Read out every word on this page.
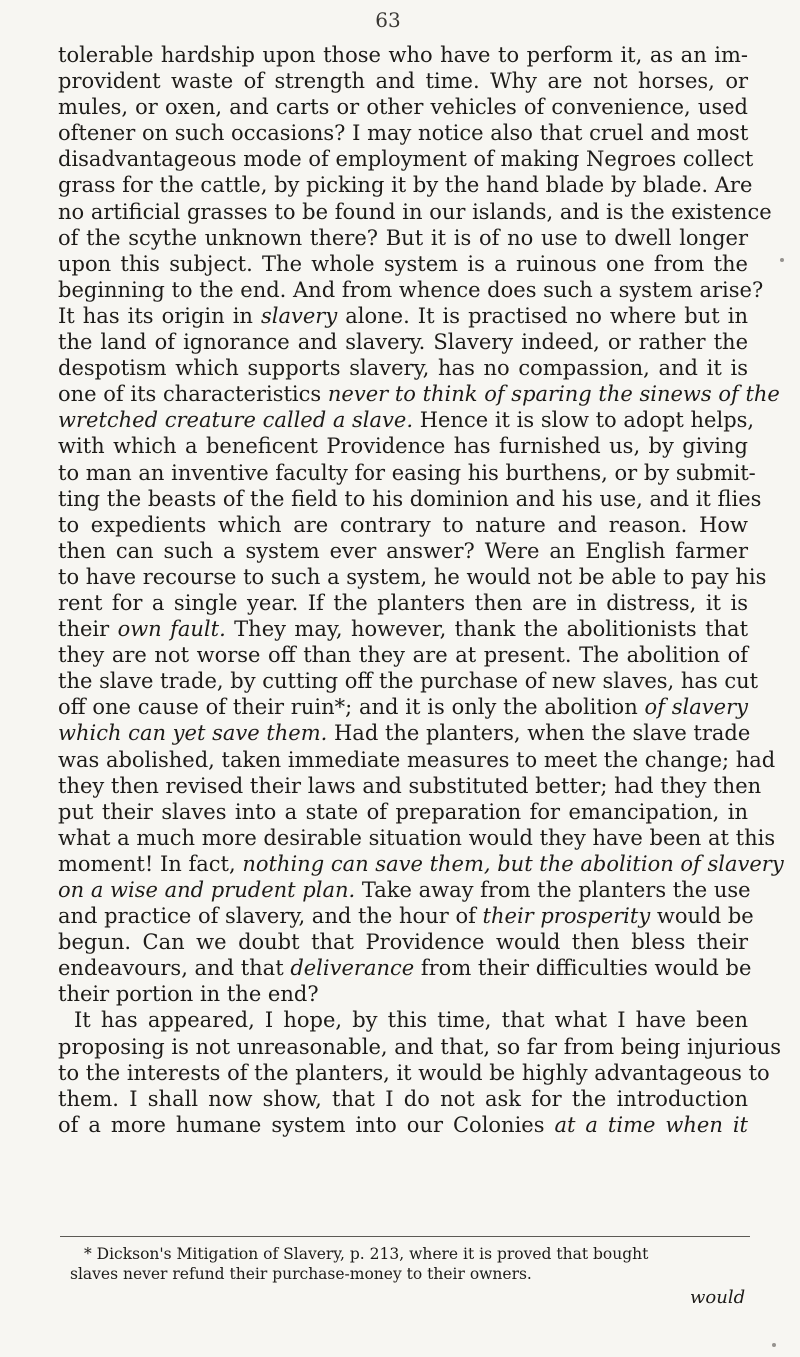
63
tolerable hardship upon those who have to perform it, as an im-
provident waste of strength and time. Why are not horses, or
mules, or oxen, and carts or other vehicles of convenience, used
oftener on such occasions? I may notice also that cruel and most
disadvantageous mode of employment of making Negroes collect
grass for the cattle, by picking it by the hand blade by blade. Are
no artificial grasses to be found in our islands, and is the existence
of the scythe unknown there? But it is of no use to dwell longer
upon this subject. The whole system is a ruinous one from the
beginning to the end. And from whence does such a system arise?
It has its origin in slavery alone. It is practised no where but in
the land of ignorance and slavery. Slavery indeed, or rather the
despotism which supports slavery, has no compassion, and it is
one of its characteristics never to think of sparing the sinews of the
wretched creature called a slave. Hence it is slow to adopt helps,
with which a beneficent Providence has furnished us, by giving
to man an inventive faculty for easing his burthens, or by submit-
ting the beasts of the field to his dominion and his use, and it flies
to expedients which are contrary to nature and reason. How
then can such a system ever answer? Were an English farmer
to have recourse to such a system, he would not be able to pay his
rent for a single year. If the planters then are in distress, it is
their own fault. They may, however, thank the abolitionists that
they are not worse off than they are at present. The abolition of
the slave trade, by cutting off the purchase of new slaves, has cut
off one cause of their ruin*; and it is only the abolition of slavery
which can yet save them. Had the planters, when the slave trade
was abolished, taken immediate measures to meet the change; had
they then revised their laws and substituted better; had they then
put their slaves into a state of preparation for emancipation, in
what a much more desirable situation would they have been at this
moment! In fact, nothing can save them, but the abolition of slavery
on a wise and prudent plan. Take away from the planters the use
and practice of slavery, and the hour of their prosperity would be
begun. Can we doubt that Providence would then bless their
endeavours, and that deliverance from their difficulties would be
their portion in the end?
It has appeared, I hope, by this time, that what I have been
proposing is not unreasonable, and that, so far from being injurious
to the interests of the planters, it would be highly advantageous to
them. I shall now show, that I do not ask for the introduction
of a more humane system into our Colonies at a time when it
* Dickson's Mitigation of Slavery, p. 213, where it is proved that bought
slaves never refund their purchase-money to their owners.
would
